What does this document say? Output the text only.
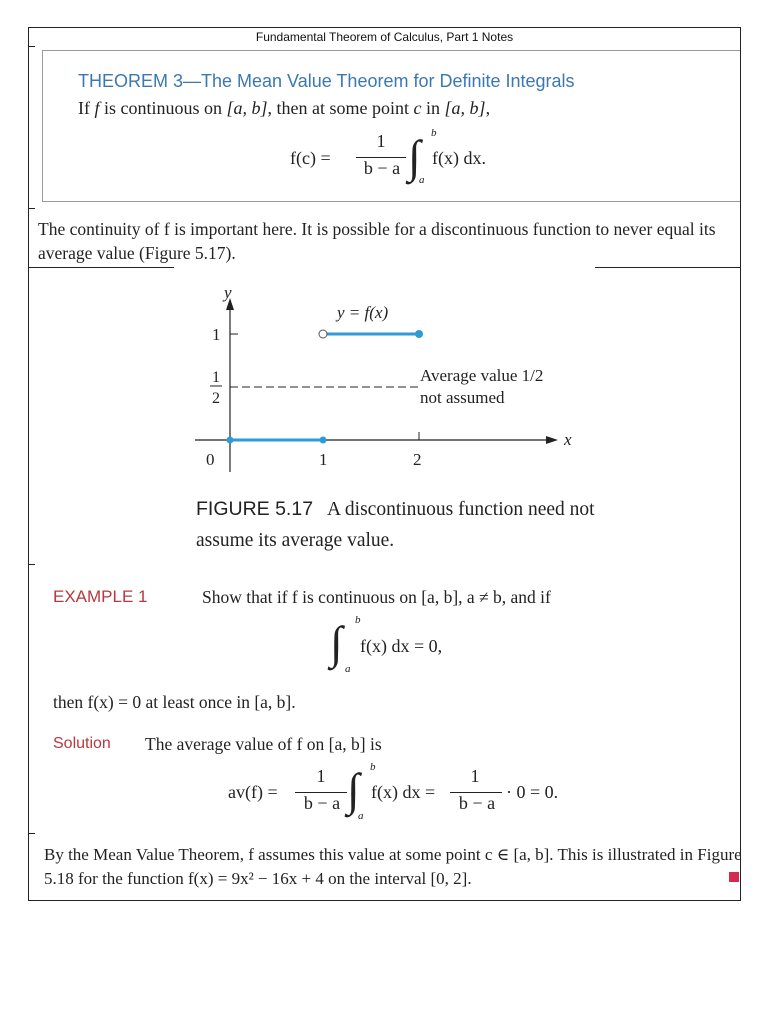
Fundamental Theorem of Calculus, Part 1 Notes
THEOREM 3—The Mean Value Theorem for Definite Integrals
If f is continuous on [a, b], then at some point c in [a, b],
f(c) =
1
b − a ∫ b
a
f(x) dx.
The continuity of f is important here. It is possible for a discontinuous function to never equal its average value (Figure 5.17).
y
x
1
1
2
0	1	2
y = f(x)
Average value 1/2
not assumed
FIGURE 5.17 A discontinuous function need not assume its average value.
EXAMPLE 1	Show that if f is continuous on [a, b], a ≠ b, and if
∫ b
a
f(x) dx = 0,
then f(x) = 0 at least once in [a, b].
Solution The average value of f on [a, b] is
av(f) =
1
b − a ∫ b
a
f(x) dx =
1
b − a
· 0 = 0.
By the Mean Value Theorem, f assumes this value at some point c ∈ [a, b]. This is illustrated in Figure 5.18 for the function f(x) = 9x² − 16x + 4 on the interval [0, 2].
